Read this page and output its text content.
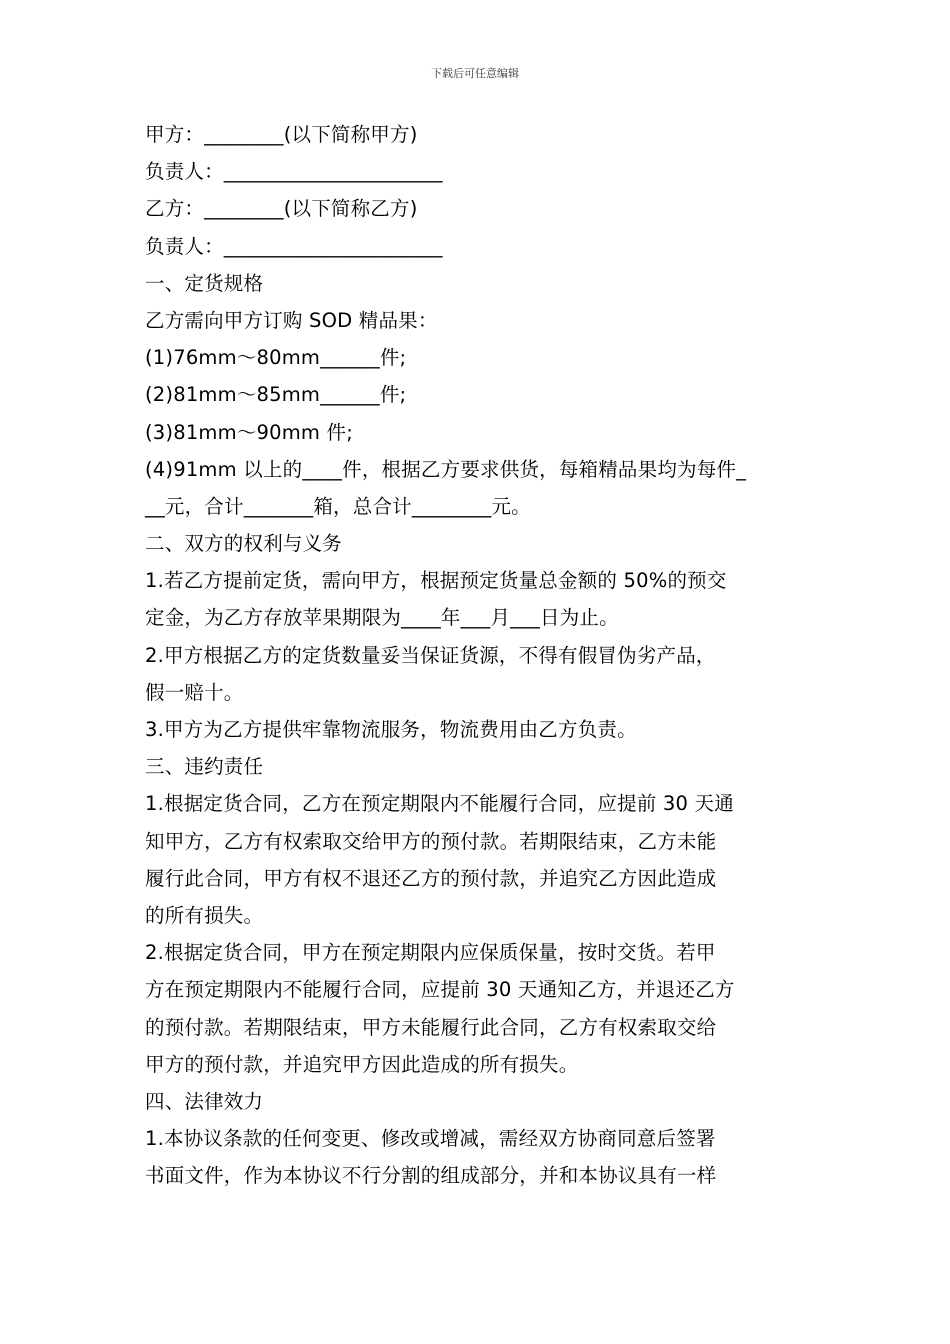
下载后可任意编辑
甲方：________(以下简称甲方)
负责人：______________________
乙方：________(以下简称乙方)
负责人：______________________
一、定货规格
乙方需向甲方订购 SOD 精品果：
(1)76mm～80mm______件;
(2)81mm～85mm______件;
(3)81mm～90mm 件;
(4)91mm 以上的____件，根据乙方要求供货，每箱精品果均为每件_
__元，合计_______箱，总合计________元。
二、双方的权利与义务
1.若乙方提前定货，需向甲方，根据预定货量总金额的 50%的预交
定金，为乙方存放苹果期限为____年___月___日为止。
2.甲方根据乙方的定货数量妥当保证货源，不得有假冒伪劣产品，
假一赔十。
3.甲方为乙方提供牢靠物流服务，物流费用由乙方负责。
三、违约责任
1.根据定货合同，乙方在预定期限内不能履行合同，应提前 30 天通
知甲方，乙方有权索取交给甲方的预付款。若期限结束，乙方未能
履行此合同，甲方有权不退还乙方的预付款，并追究乙方因此造成
的所有损失。
2.根据定货合同，甲方在预定期限内应保质保量，按时交货。若甲
方在预定期限内不能履行合同，应提前 30 天通知乙方，并退还乙方
的预付款。若期限结束，甲方未能履行此合同，乙方有权索取交给
甲方的预付款，并追究甲方因此造成的所有损失。
四、法律效力
1.本协议条款的任何变更、修改或增减，需经双方协商同意后签署
书面文件，作为本协议不行分割的组成部分，并和本协议具有一样
